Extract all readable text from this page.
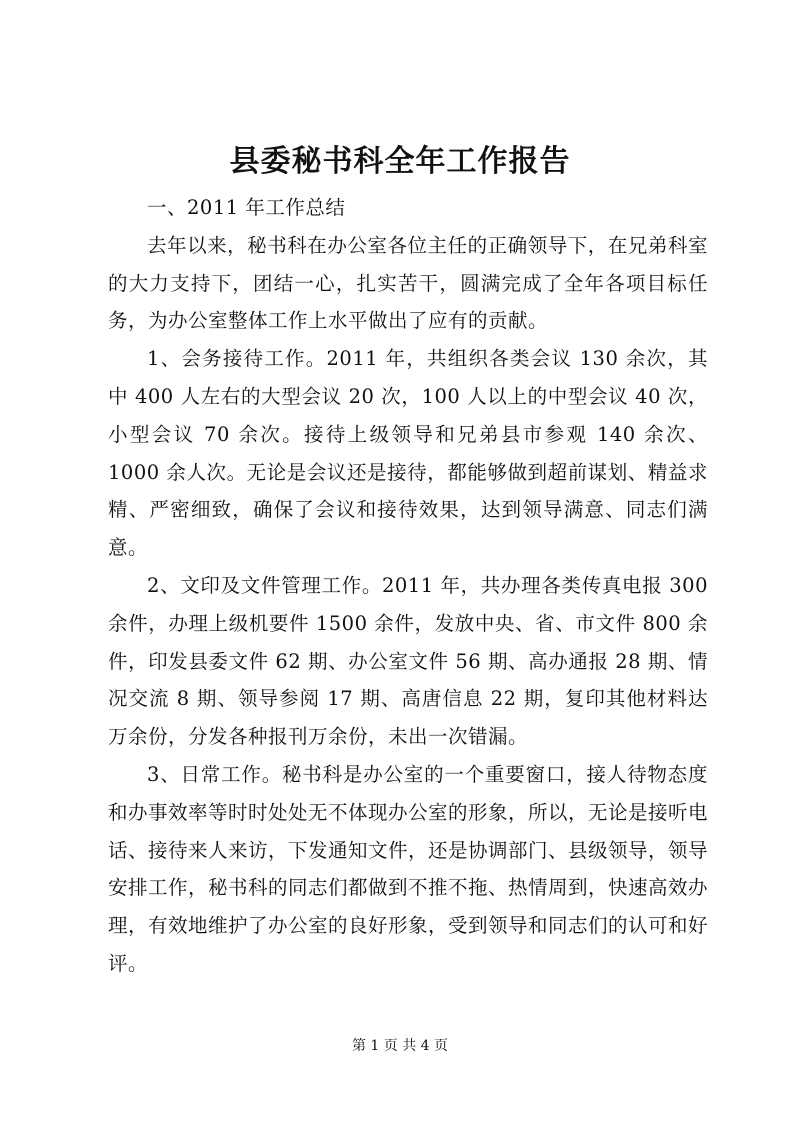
县委秘书科全年工作报告

一、2011 年工作总结

去年以来，秘书科在办公室各位主任的正确领导下，在兄弟科室的大力支持下，团结一心，扎实苦干，圆满完成了全年各项目标任务，为办公室整体工作上水平做出了应有的贡献。

1、会务接待工作。2011 年，共组织各类会议 130 余次，其中 400 人左右的大型会议 20 次，100 人以上的中型会议 40 次，小型会议 70 余次。接待上级领导和兄弟县市参观 140 余次、1000 余人次。无论是会议还是接待，都能够做到超前谋划、精益求精、严密细致，确保了会议和接待效果，达到领导满意、同志们满意。

2、文印及文件管理工作。2011 年，共办理各类传真电报 300 余件，办理上级机要件 1500 余件，发放中央、省、市文件 800 余件，印发县委文件 62 期、办公室文件 56 期、高办通报 28 期、情况交流 8 期、领导参阅 17 期、高唐信息 22 期，复印其他材料达万余份，分发各种报刊万余份，未出一次错漏。

3、日常工作。秘书科是办公室的一个重要窗口，接人待物态度和办事效率等时时处处无不体现办公室的形象，所以，无论是接听电话、接待来人来访，下发通知文件，还是协调部门、县级领导，领导安排工作，秘书科的同志们都做到不推不拖、热情周到，快速高效办理，有效地维护了办公室的良好形象，受到领导和同志们的认可和好评。

第 1 页 共 4 页
